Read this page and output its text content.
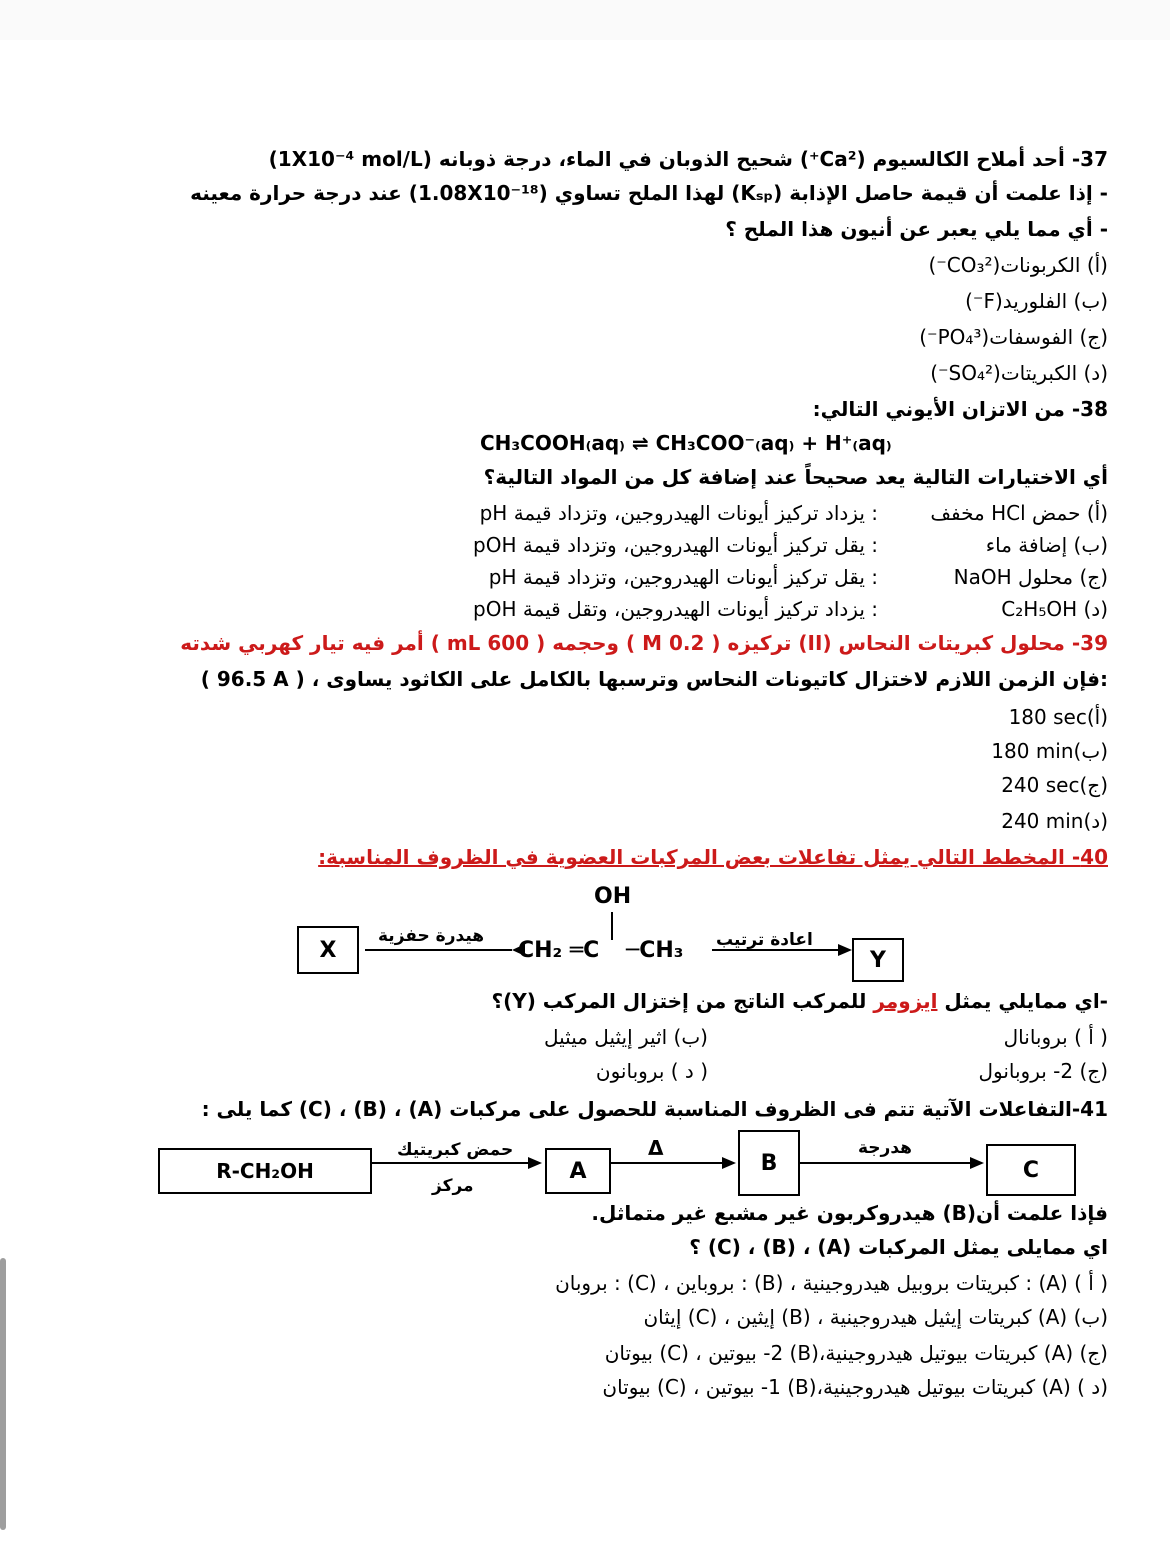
37- أحد أملاح الكالسيوم (Ca²⁺) شحيح الذوبان في الماء، درجة ذوبانه (1X10⁻⁴ mol/L)
- إذا علمت أن قيمة حاصل الإذابة (Kₛₚ) لهذا الملح تساوي (1.08X10⁻¹⁸) عند درجة حرارة معينه
- أي مما يلي يعبر عن أنيون هذا الملح ؟
(أ) الكربونات(CO₃²⁻)
(ب) الفلوريد(F⁻)
(ج) الفوسفات(PO₄³⁻)
(د) الكبريتات(SO₄²⁻)
38- من الاتزان الأيوني التالي:
CH₃COOH₍aq₎ ⇌ CH₃COO⁻₍aq₎ + H⁺₍aq₎
أي الاختيارات التالية يعد صحيحاً عند إضافة كل من المواد التالية؟
(أ) حمض HCl مخفف
: يزداد تركيز أيونات الهيدروجين، وتزداد قيمة pH
(ب) إضافة ماء
: يقل تركيز أيونات الهيدروجين، وتزداد قيمة pOH
(ج) محلول NaOH
: يقل تركيز أيونات الهيدروجين، وتزداد قيمة pH
(د) C₂H₅OH
: يزداد تركيز أيونات الهيدروجين، وتقل قيمة pOH
39- محلول كبريتات النحاس (II) تركيزه ( 0.2 M ) وحجمه ( 600 mL ) أمر فيه تيار كهربي شدته
( 96.5 A ) ، فإن الزمن اللازم لاختزال كاتيونات النحاس وترسبها بالكامل على الكاثود يساوى:
180 sec(أ)
180 min(ب)
240 sec(ج)
240 min(د)
40- المخطط التالي يمثل تفاعلات بعض المركبات العضوية في الظروف المناسبة:
X	Y
هيدرة حفزية	اعادة ترتيب
OH
CH₂ ═C ─CH₃
-اي ممايلي يمثل ايزومر للمركب الناتج من إختزال المركب (Y)؟
( أ ) بروبانال
(ب) اثير إيثيل ميثيل
(ج) 2- بروبانول
( د ) بروبانون
41-التفاعلات الآتية تتم فى الظروف المناسبة للحصول على مركبات (A) ، (B) ، (C) كما يلى :
R-CH₂OH
حمض كبريتيك
مركز
A
Δ
B
هدرجة
C
فإذا علمت أن(B) هيدروكربون غير مشبع غير متماثل.
اي ممايلى يمثل المركبات (A) ، (B) ، (C) ؟
( أ ) (A) : كبريتات بروبيل هيدروجينية ، (B) : بروباين ، (C) : بروبان
(ب) (A) كبريتات إيثيل هيدروجينية ، (B) إيثين ، (C) إيثان
(ج) (A) كبريتات بيوتيل هيدروجينية،(B) 2- بيوتين ، (C) بيوتان
(د ) (A) كبريتات بيوتيل هيدروجينية،(B) 1- بيوتين ، (C) بيوتان
